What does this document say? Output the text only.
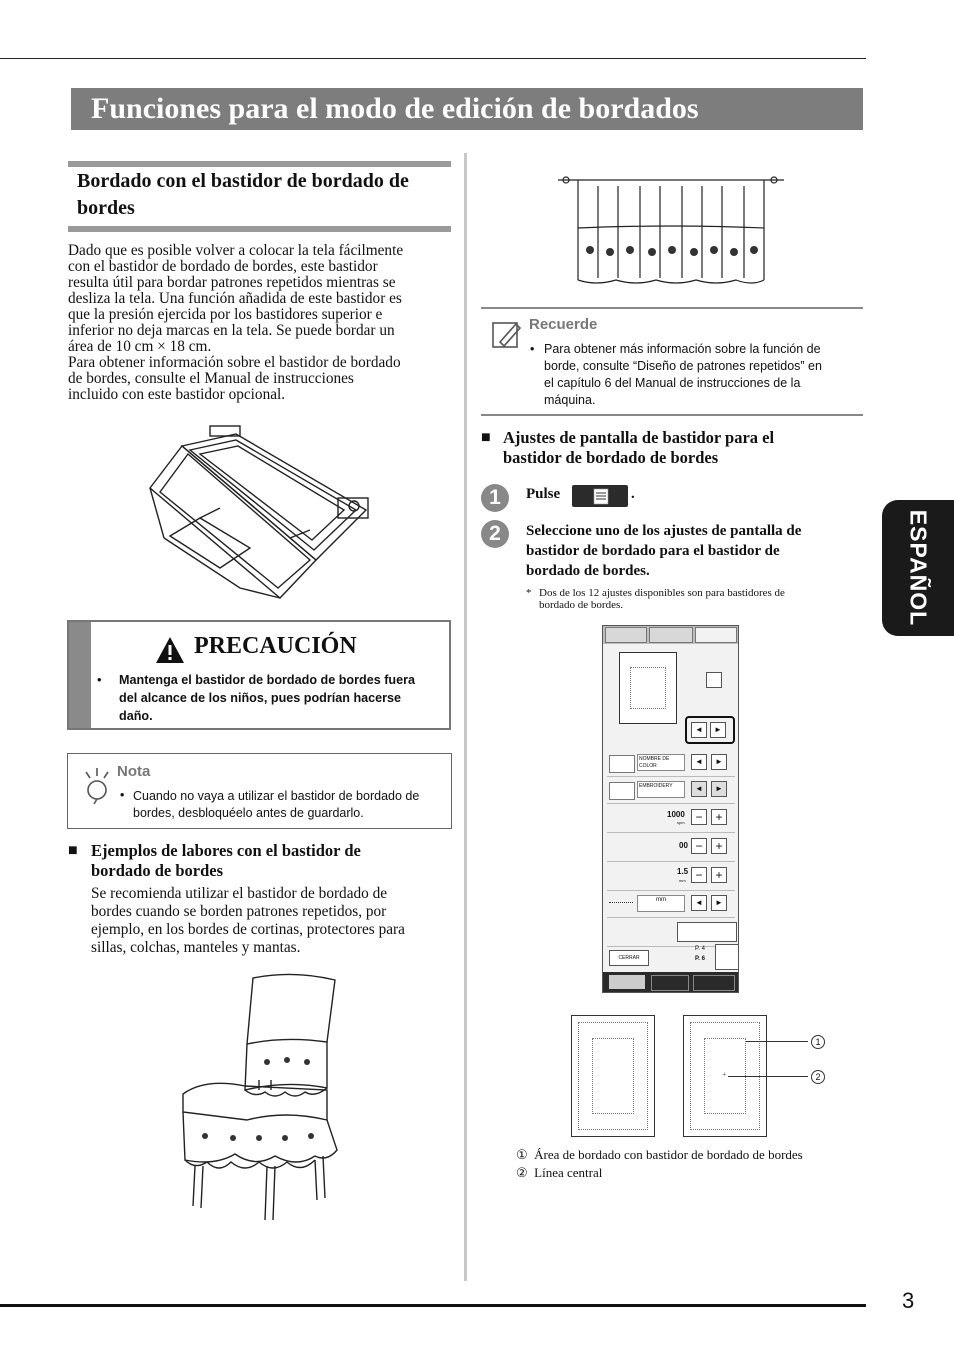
Funciones para el modo de edición de bordados
ESPAÑOL
Bordado con el bastidor de bordado de bordes
Dado que es posible volver a colocar la tela fácilmente
con el bastidor de bordado de bordes, este bastidor
resulta útil para bordar patrones repetidos mientras se
desliza la tela. Una función añadida de este bastidor es
que la presión ejercida por los bastidores superior e
inferior no deja marcas en la tela. Se puede bordar un
área de 10 cm × 18 cm.
Para obtener información sobre el bastidor de bordado
de bordes, consulte el Manual de instrucciones
incluido con este bastidor opcional.
PRECAUCIÓN
• Mantenga el bastidor de bordado de bordes fuera
del alcance de los niños, pues podrían hacerse
daño.
Nota
• Cuando no vaya a utilizar el bastidor de bordado de
bordes, desbloquéelo antes de guardarlo.
■ Ejemplos de labores con el bastidor de
bordado de bordes
Se recomienda utilizar el bastidor de bordado de
bordes cuando se borden patrones repetidos, por
ejemplo, en los bordes de cortinas, protectores para
sillas, colchas, manteles y mantas.
Recuerde
• Para obtener más información sobre la función de
borde, consulte “Diseño de patrones repetidos” en
el capítulo 6 del Manual de instrucciones de la
máquina.
■ Ajustes de pantalla de bastidor para el
bastidor de bordado de bordes
1	Pulse	.
2	Seleccione uno de los ajustes de pantalla de
bastidor de bordado para el bastidor de
bordado de bordes.
* Dos de los 12 ajustes disponibles son para bastidores de
bordado de bordes.
◄	►
NOMBRE DE COLOR	◄	►
EMBROIDERY	◄	►
1000
spm −	+
00 −	+
1.5
mm −	+
mm	◄	►
CERRAR
P. 4
P. 6
+
1
2
① Área de bordado con bastidor de bordado de bordes
② Línea central
3
